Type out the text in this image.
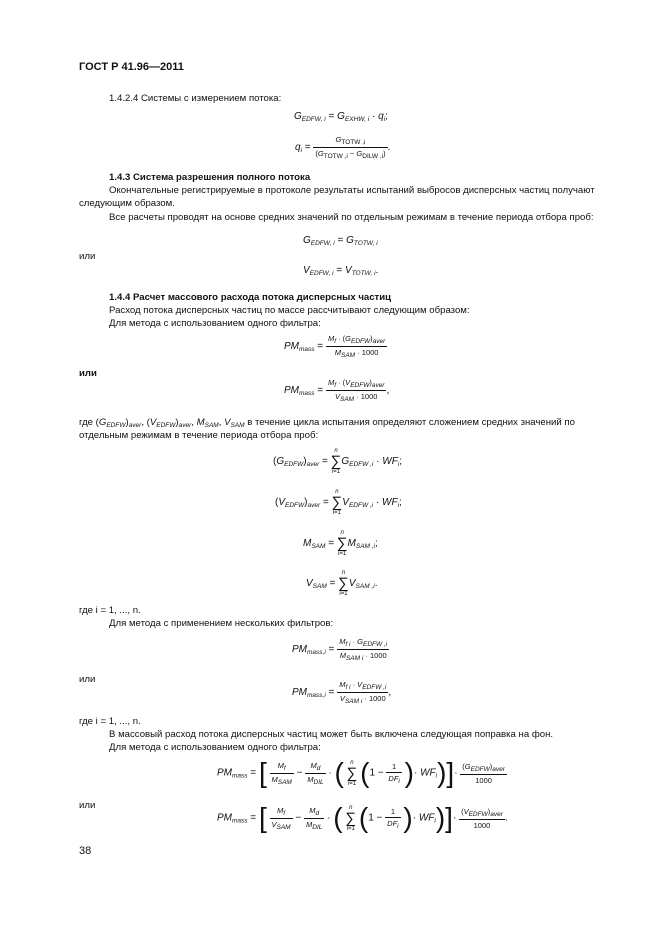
ГОСТ Р 41.96—2011
1.4.2.4 Системы с измерением потока:
$G_{EDFW, i} = G_{EXHW, i} \cdot q_i$;
$q_i = \frac{G_{TOTW ,i}}{(G_{TOTW ,i} - G_{DILW ,i})}$ .
1.4.3 Система разрешения полного потока
Окончательные регистрируемые в протоколе результаты испытаний выбросов дисперсных частиц получают
следующим образом.
Все расчеты проводят на основе средних значений по отдельным режимам в течение периода отбора проб:
$G_{EDFW, i} = G_{TOTW, i}$
или
$V_{EDFW, i} = V_{TOTW, i}$.
1.4.4 Расчет массового расхода потока дисперсных частиц
Расход потока дисперсных частиц по массе рассчитывают следующим образом:
Для метода с использованием одного фильтра:
$PM_{mass} = \frac{M_f \cdot (G_{EDFW})_{aver}}{M_{SAM} \cdot 1000}$
или
$PM_{mass} = \frac{M_f \cdot (V_{EDFW})_{aver}}{V_{SAM} \cdot 1000}$ ,
где $(G_{EDFW})_{aver}$, $(V_{EDFW})_{aver}$, $M_{SAM}$, $V_{SAM}$ в течение цикла испытания определяют сложением средних значений по
отдельным режимам в течение периода отбора проб:
$(G_{EDFW})_{aver}$ =
n
∑
i=1
$G_{EDFW ,i} \cdot WF_i$;
$(V_{EDFW})_{aver}$ =
n
∑
i=1
$V_{EDFW ,i} \cdot WF_i$;
$M_{SAM}$ =
n
∑
i=1
$M_{SAM ,i}$;
$V_{SAM}$ =
n
∑
i=1
$V_{SAM ,i}$.
где i = 1, ..., n.
Для метода с применением нескольких фильтров:
$PM_{mass,i} = \frac{M_{f i} \cdot G_{EDFW ,i}}{M_{SAM i} \cdot 1000}$
или
$PM_{mass,i} = \frac{M_{f i} \cdot V_{EDFW ,i}}{V_{SAM i} \cdot 1000}$ ,
где i = 1, ..., n.
В массовый расход потока дисперсных частиц может быть включена следующая поправка на фон.
Для метода с использованием одного фильтра:
$PM_{mass}$ = [ $\frac{M_f}{M_{SAM}} - \frac{M_d}{M_{DIL}}$ · (	n
∑
i=1 ($1 - \frac{1}{DF_i}$ )· $WF_i)]\cdot \frac{(G_{EDFW})_{aver}}{1000}$
или
$PM_{mass}$ = [ $\frac{M_f}{V_{SAM}} - \frac{M_d}{M_{DIL}}$ · (	n
∑
i=1 ($1 - \frac{1}{DF_i}$ )· $WF_i)]\cdot \frac{(V_{EDFW})_{aver}}{1000}$ .
38
